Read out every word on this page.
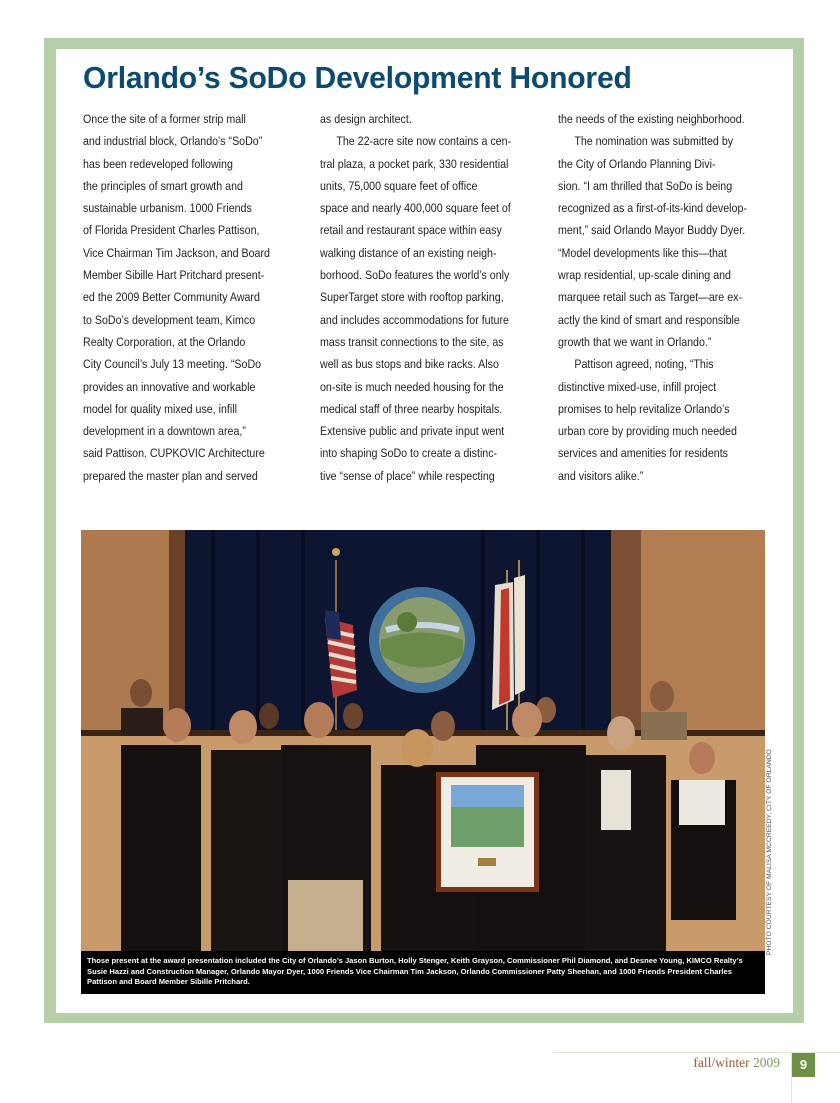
Orlando’s SoDo Development Honored
Once the site of a former strip mall
and industrial block, Orlando’s “SoDo”
has been redeveloped following
the principles of smart growth and
sustainable urbanism. 1000 Friends
of Florida President Charles Pattison,
Vice Chairman Tim Jackson, and Board
Member Sibille Hart Pritchard present-
ed the 2009 Better Community Award
to SoDo’s development team, Kimco
Realty Corporation, at the Orlando
City Council’s July 13 meeting. “SoDo
provides an innovative and workable
model for quality mixed use, infill
development in a downtown area,”
said Pattison. CUPKOVIC Architecture
prepared the master plan and served
as design architect.
The 22-acre site now contains a cen-
tral plaza, a pocket park, 330 residential
units, 75,000 square feet of office
space and nearly 400,000 square feet of
retail and restaurant space within easy
walking distance of an existing neigh-
borhood. SoDo features the world’s only
SuperTarget store with rooftop parking,
and includes accommodations for future
mass transit connections to the site, as
well as bus stops and bike racks. Also
on-site is much needed housing for the
medical staff of three nearby hospitals.
Extensive public and private input went
into shaping SoDo to create a distinc-
tive “sense of place” while respecting
the needs of the existing neighborhood.
The nomination was submitted by
the City of Orlando Planning Divi-
sion. “I am thrilled that SoDo is being
recognized as a first-of-its-kind develop-
ment,” said Orlando Mayor Buddy Dyer.
“Model developments like this—that
wrap residential, up-scale dining and
marquee retail such as Target—are ex-
actly the kind of smart and responsible
growth that we want in Orlando.”
Pattison agreed, noting, “This
distinctive mixed-use, infill project
promises to help revitalize Orlando’s
urban core by providing much needed
services and amenities for residents
and visitors alike.”
Those present at the award presentation included the City of Orlando’s Jason Burton, Holly Stenger, Keith Grayson, Commissioner Phil Diamond, and Desnee Young, KIMCO Realty’s Susie Hazzi and Construction Manager, Orlando Mayor Dyer, 1000 Friends Vice Chairman Tim Jackson, Orlando Commissioner Patty Sheehan, and 1000 Friends President Charles Pattison and Board Member Sibille Pritchard.
PHOTO COURTESY OF MALISA MCCREEDY, CITY OF ORLANDO
fall/winter 2009	9
